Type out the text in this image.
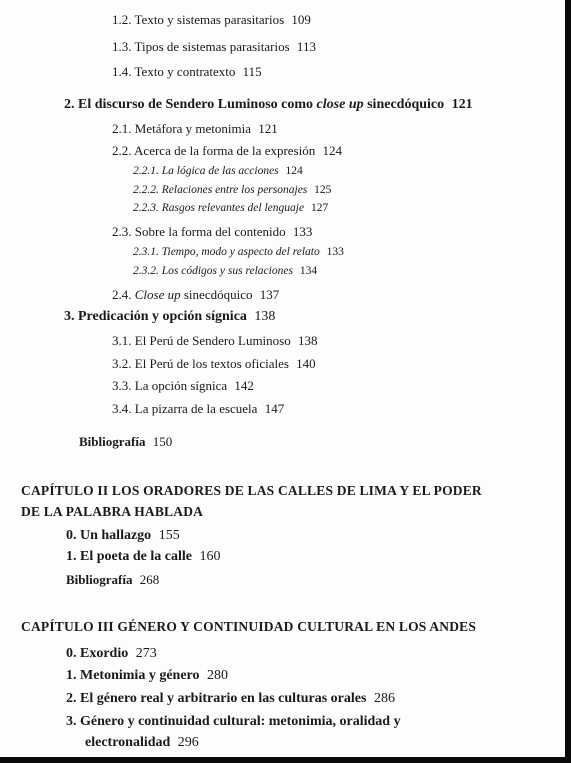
1.2. Texto y sistemas parasitarios 109
1.3. Tipos de sistemas parasitarios 113
1.4. Texto y contratexto 115
2. El discurso de Sendero Luminoso como close up sinecdóquico 121
2.1. Metáfora y metonimia 121
2.2. Acerca de la forma de la expresión 124
2.2.1. La lógica de las acciones 124
2.2.2. Relaciones entre los personajes 125
2.2.3. Rasgos relevantes del lenguaje 127
2.3. Sobre la forma del contenido 133
2.3.1. Tiempo, modo y aspecto del relato 133
2.3.2. Los códigos y sus relaciones 134
2.4. Close up sinecdóquico 137
3. Predicación y opción sígnica 138
3.1. El Perú de Sendero Luminoso 138
3.2. El Perú de los textos oficiales 140
3.3. La opción sígnica 142
3.4. La pizarra de la escuela 147
Bibliografía 150
CAPÍTULO II LOS ORADORES DE LAS CALLES DE LIMA Y EL PODER
DE LA PALABRA HABLADA
0. Un hallazgo 155
1. El poeta de la calle 160
Bibliografía 268
CAPÍTULO III GÉNERO Y CONTINUIDAD CULTURAL EN LOS ANDES
0. Exordio 273
1. Metonimia y género 280
2. El género real y arbitrario en las culturas orales 286
3. Género y continuidad cultural: metonimia, oralidad y
electronalidad 296
